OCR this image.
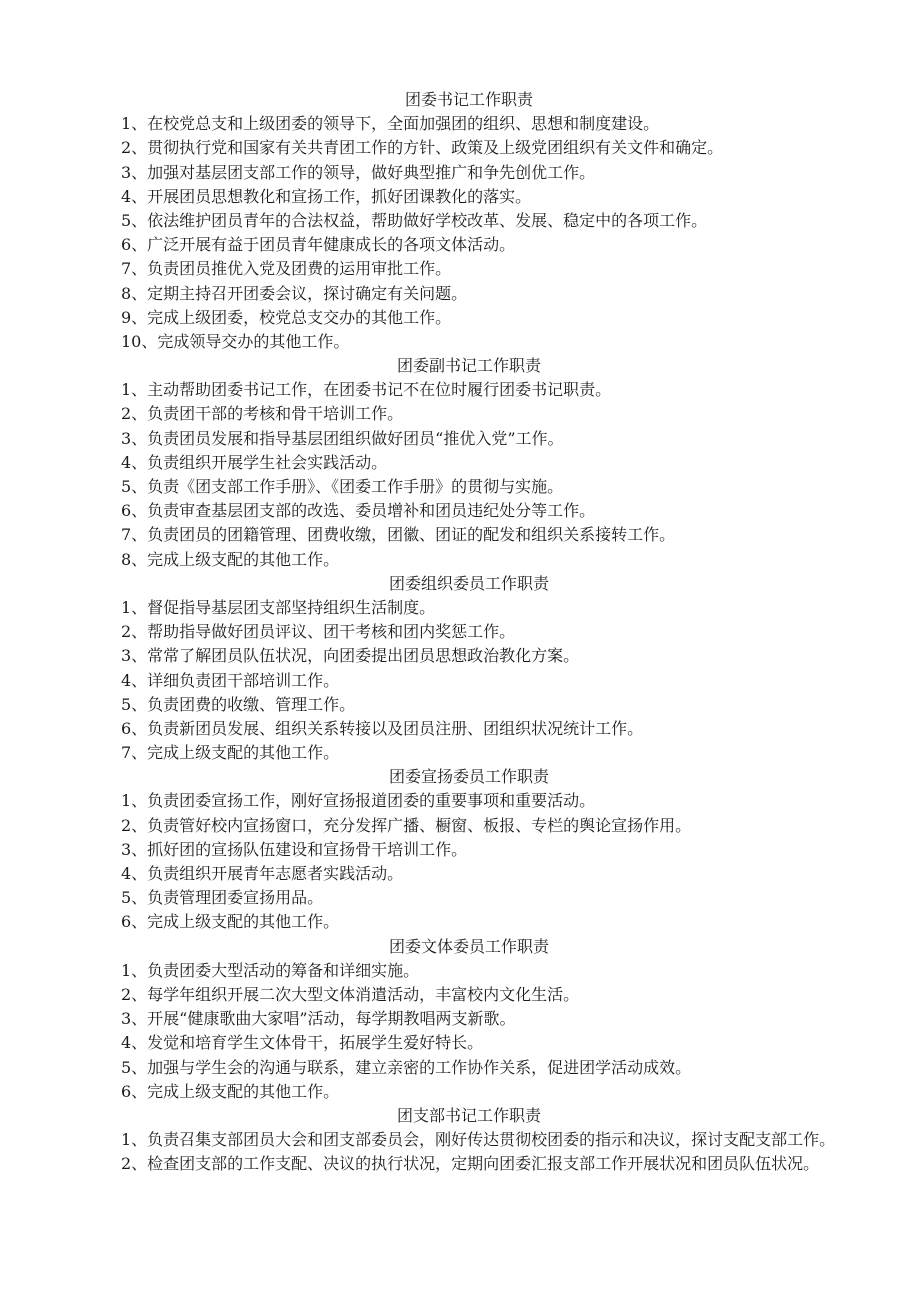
团委书记工作职责
1、在校党总支和上级团委的领导下，全面加强团的组织、思想和制度建设。
2、贯彻执行党和国家有关共青团工作的方针、政策及上级党团组织有关文件和确定。
3、加强对基层团支部工作的领导，做好典型推广和争先创优工作。
4、开展团员思想教化和宣扬工作，抓好团课教化的落实。
5、依法维护团员青年的合法权益，帮助做好学校改革、发展、稳定中的各项工作。
6、广泛开展有益于团员青年健康成长的各项文体活动。
7、负责团员推优入党及团费的运用审批工作。
8、定期主持召开团委会议，探讨确定有关问题。
9、完成上级团委，校党总支交办的其他工作。
10、完成领导交办的其他工作。
团委副书记工作职责
1、主动帮助团委书记工作，在团委书记不在位时履行团委书记职责。
2、负责团干部的考核和骨干培训工作。
3、负责团员发展和指导基层团组织做好团员“推优入党”工作。
4、负责组织开展学生社会实践活动。
5、负责《团支部工作手册》、《团委工作手册》的贯彻与实施。
6、负责审查基层团支部的改选、委员增补和团员违纪处分等工作。
7、负责团员的团籍管理、团费收缴，团徽、团证的配发和组织关系接转工作。
8、完成上级支配的其他工作。
团委组织委员工作职责
1、督促指导基层团支部坚持组织生活制度。
2、帮助指导做好团员评议、团干考核和团内奖惩工作。
3、常常了解团员队伍状况，向团委提出团员思想政治教化方案。
4、详细负责团干部培训工作。
5、负责团费的收缴、管理工作。
6、负责新团员发展、组织关系转接以及团员注册、团组织状况统计工作。
7、完成上级支配的其他工作。
团委宣扬委员工作职责
1、负责团委宣扬工作，刚好宣扬报道团委的重要事项和重要活动。
2、负责管好校内宣扬窗口，充分发挥广播、橱窗、板报、专栏的舆论宣扬作用。
3、抓好团的宣扬队伍建设和宣扬骨干培训工作。
4、负责组织开展青年志愿者实践活动。
5、负责管理团委宣扬用品。
6、完成上级支配的其他工作。
团委文体委员工作职责
1、负责团委大型活动的筹备和详细实施。
2、每学年组织开展二次大型文体消遣活动，丰富校内文化生活。
3、开展“健康歌曲大家唱”活动，每学期教唱两支新歌。
4、发觉和培育学生文体骨干，拓展学生爱好特长。
5、加强与学生会的沟通与联系，建立亲密的工作协作关系，促进团学活动成效。
6、完成上级支配的其他工作。
团支部书记工作职责
1、负责召集支部团员大会和团支部委员会，刚好传达贯彻校团委的指示和决议，探讨支配支部工作。
2、检查团支部的工作支配、决议的执行状况，定期向团委汇报支部工作开展状况和团员队伍状况。
